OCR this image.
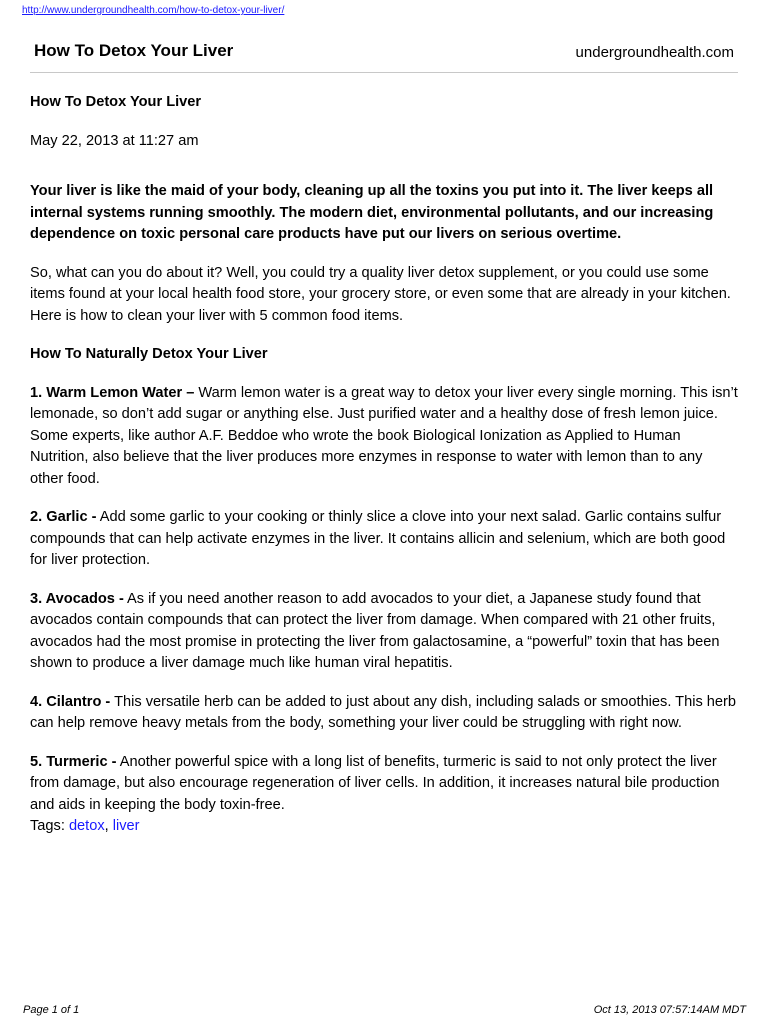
http://www.undergroundhealth.com/how-to-detox-your-liver/
How To Detox Your Liver	undergroundhealth.com
How To Detox Your Liver
May 22, 2013 at 11:27 am

Your liver is like the maid of your body, cleaning up all the toxins you put into it. The liver keeps all internal systems running smoothly. The modern diet, environmental pollutants, and our increasing dependence on toxic personal care products have put our livers on serious overtime.

So, what can you do about it? Well, you could try a quality liver detox supplement, or you could use some items found at your local health food store, your grocery store, or even some that are already in your kitchen. Here is how to clean your liver with 5 common food items.

How To Naturally Detox Your Liver

1. Warm Lemon Water – Warm lemon water is a great way to detox your liver every single morning. This isn’t lemonade, so don’t add sugar or anything else. Just purified water and a healthy dose of fresh lemon juice. Some experts, like author A.F. Beddoe who wrote the book Biological Ionization as Applied to Human Nutrition, also believe that the liver produces more enzymes in response to water with lemon than to any other food.

2. Garlic - Add some garlic to your cooking or thinly slice a clove into your next salad. Garlic contains sulfur compounds that can help activate enzymes in the liver. It contains allicin and selenium, which are both good for liver protection.

3. Avocados - As if you need another reason to add avocados to your diet, a Japanese study found that avocados contain compounds that can protect the liver from damage. When compared with 21 other fruits, avocados had the most promise in protecting the liver from galactosamine, a “powerful” toxin that has been shown to produce a liver damage much like human viral hepatitis.

4. Cilantro - This versatile herb can be added to just about any dish, including salads or smoothies. This herb can help remove heavy metals from the body, something your liver could be struggling with right now.

5. Turmeric - Another powerful spice with a long list of benefits, turmeric is said to not only protect the liver from damage, but also encourage regeneration of liver cells. In addition, it increases natural bile production and aids in keeping the body toxin-free.

Tags: detox, liver
Page 1 of 1	Oct 13, 2013 07:57:14AM MDT
